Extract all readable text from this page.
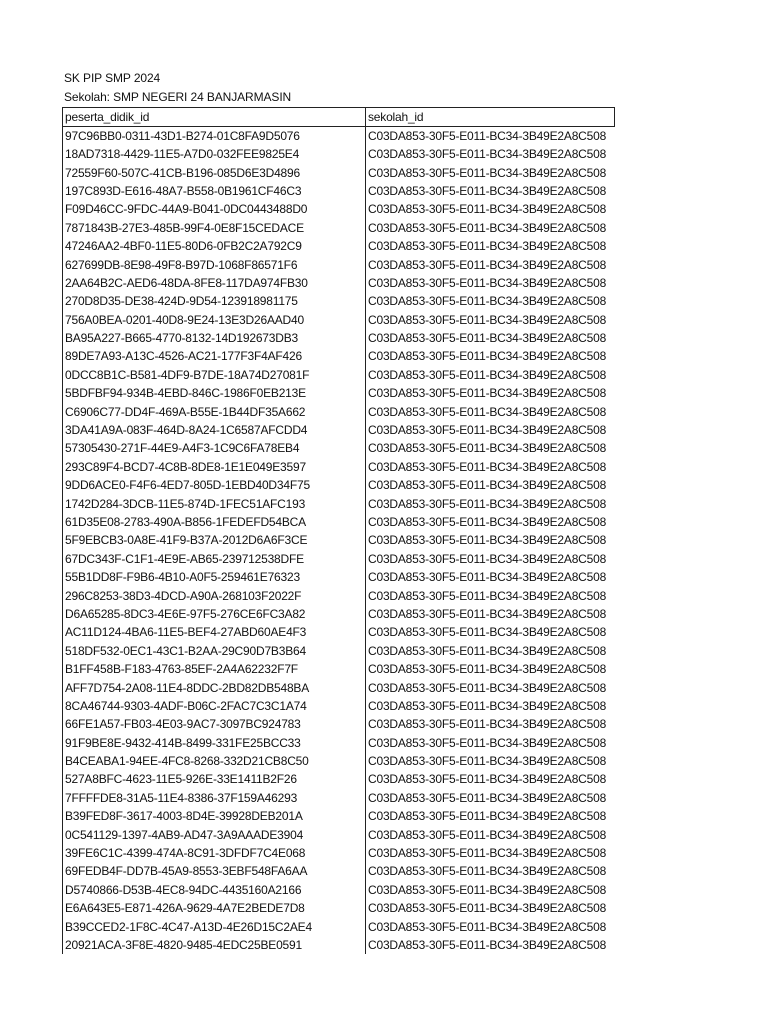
SK PIP SMP 2024
Sekolah: SMP NEGERI 24 BANJARMASIN
peserta_didik_id	sekolah_id
97C96BB0-0311-43D1-B274-01C8FA9D5076	C03DA853-30F5-E011-BC34-3B49E2A8C508
18AD7318-4429-11E5-A7D0-032FEE9825E4	C03DA853-30F5-E011-BC34-3B49E2A8C508
72559F60-507C-41CB-B196-085D6E3D4896	C03DA853-30F5-E011-BC34-3B49E2A8C508
197C893D-E616-48A7-B558-0B1961CF46C3	C03DA853-30F5-E011-BC34-3B49E2A8C508
F09D46CC-9FDC-44A9-B041-0DC0443488D0	C03DA853-30F5-E011-BC34-3B49E2A8C508
7871843B-27E3-485B-99F4-0E8F15CEDACE	C03DA853-30F5-E011-BC34-3B49E2A8C508
47246AA2-4BF0-11E5-80D6-0FB2C2A792C9	C03DA853-30F5-E011-BC34-3B49E2A8C508
627699DB-8E98-49F8-B97D-1068F86571F6	C03DA853-30F5-E011-BC34-3B49E2A8C508
2AA64B2C-AED6-48DA-8FE8-117DA974FB30	C03DA853-30F5-E011-BC34-3B49E2A8C508
270D8D35-DE38-424D-9D54-123918981175	C03DA853-30F5-E011-BC34-3B49E2A8C508
756A0BEA-0201-40D8-9E24-13E3D26AAD40	C03DA853-30F5-E011-BC34-3B49E2A8C508
BA95A227-B665-4770-8132-14D192673DB3	C03DA853-30F5-E011-BC34-3B49E2A8C508
89DE7A93-A13C-4526-AC21-177F3F4AF426	C03DA853-30F5-E011-BC34-3B49E2A8C508
0DCC8B1C-B581-4DF9-B7DE-18A74D27081F	C03DA853-30F5-E011-BC34-3B49E2A8C508
5BDFBF94-934B-4EBD-846C-1986F0EB213E	C03DA853-30F5-E011-BC34-3B49E2A8C508
C6906C77-DD4F-469A-B55E-1B44DF35A662	C03DA853-30F5-E011-BC34-3B49E2A8C508
3DA41A9A-083F-464D-8A24-1C6587AFCDD4	C03DA853-30F5-E011-BC34-3B49E2A8C508
57305430-271F-44E9-A4F3-1C9C6FA78EB4	C03DA853-30F5-E011-BC34-3B49E2A8C508
293C89F4-BCD7-4C8B-8DE8-1E1E049E3597	C03DA853-30F5-E011-BC34-3B49E2A8C508
9DD6ACE0-F4F6-4ED7-805D-1EBD40D34F75	C03DA853-30F5-E011-BC34-3B49E2A8C508
1742D284-3DCB-11E5-874D-1FEC51AFC193	C03DA853-30F5-E011-BC34-3B49E2A8C508
61D35E08-2783-490A-B856-1FEDEFD54BCA	C03DA853-30F5-E011-BC34-3B49E2A8C508
5F9EBCB3-0A8E-41F9-B37A-2012D6A6F3CE	C03DA853-30F5-E011-BC34-3B49E2A8C508
67DC343F-C1F1-4E9E-AB65-239712538DFE	C03DA853-30F5-E011-BC34-3B49E2A8C508
55B1DD8F-F9B6-4B10-A0F5-259461E76323	C03DA853-30F5-E011-BC34-3B49E2A8C508
296C8253-38D3-4DCD-A90A-268103F2022F	C03DA853-30F5-E011-BC34-3B49E2A8C508
D6A65285-8DC3-4E6E-97F5-276CE6FC3A82	C03DA853-30F5-E011-BC34-3B49E2A8C508
AC11D124-4BA6-11E5-BEF4-27ABD60AE4F3	C03DA853-30F5-E011-BC34-3B49E2A8C508
518DF532-0EC1-43C1-B2AA-29C90D7B3B64	C03DA853-30F5-E011-BC34-3B49E2A8C508
B1FF458B-F183-4763-85EF-2A4A62232F7F	C03DA853-30F5-E011-BC34-3B49E2A8C508
AFF7D754-2A08-11E4-8DDC-2BD82DB548BA	C03DA853-30F5-E011-BC34-3B49E2A8C508
8CA46744-9303-4ADF-B06C-2FAC7C3C1A74	C03DA853-30F5-E011-BC34-3B49E2A8C508
66FE1A57-FB03-4E03-9AC7-3097BC924783	C03DA853-30F5-E011-BC34-3B49E2A8C508
91F9BE8E-9432-414B-8499-331FE25BCC33	C03DA853-30F5-E011-BC34-3B49E2A8C508
B4CEABA1-94EE-4FC8-8268-332D21CB8C50	C03DA853-30F5-E011-BC34-3B49E2A8C508
527A8BFC-4623-11E5-926E-33E1411B2F26	C03DA853-30F5-E011-BC34-3B49E2A8C508
7FFFFDE8-31A5-11E4-8386-37F159A46293	C03DA853-30F5-E011-BC34-3B49E2A8C508
B39FED8F-3617-4003-8D4E-39928DEB201A	C03DA853-30F5-E011-BC34-3B49E2A8C508
0C541129-1397-4AB9-AD47-3A9AAADE3904	C03DA853-30F5-E011-BC34-3B49E2A8C508
39FE6C1C-4399-474A-8C91-3DFDF7C4E068	C03DA853-30F5-E011-BC34-3B49E2A8C508
69FEDB4F-DD7B-45A9-8553-3EBF548FA6AA	C03DA853-30F5-E011-BC34-3B49E2A8C508
D5740866-D53B-4EC8-94DC-4435160A2166	C03DA853-30F5-E011-BC34-3B49E2A8C508
E6A643E5-E871-426A-9629-4A7E2BEDE7D8	C03DA853-30F5-E011-BC34-3B49E2A8C508
B39CCED2-1F8C-4C47-A13D-4E26D15C2AE4	C03DA853-30F5-E011-BC34-3B49E2A8C508
20921ACA-3F8E-4820-9485-4EDC25BE0591	C03DA853-30F5-E011-BC34-3B49E2A8C508
